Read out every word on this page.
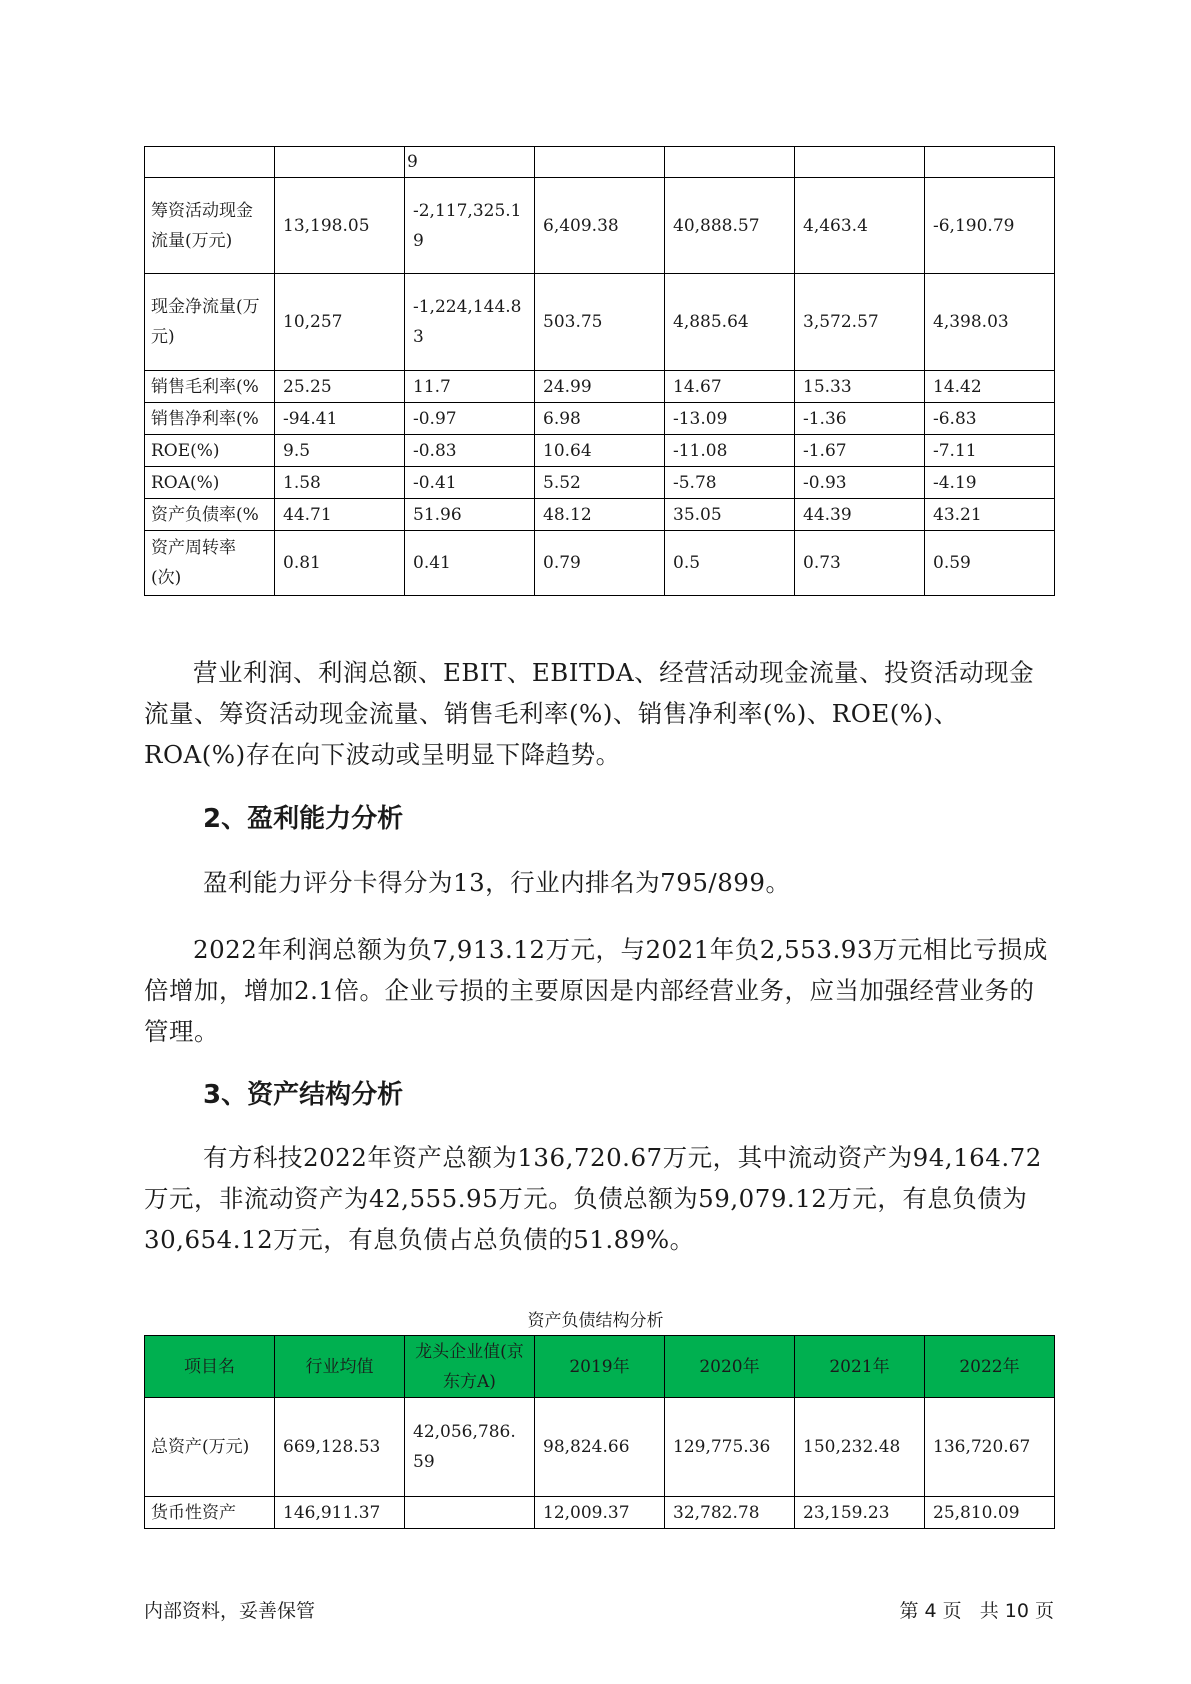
		9				
筹资活动现金流量(万元)	13,198.05	-2,117,325.19	6,409.38	40,888.57	4,463.4	-6,190.79
现金净流量(万元)	10,257	-1,224,144.83	503.75	4,885.64	3,572.57	4,398.03
销售毛利率(%	25.25	11.7	24.99	14.67	15.33	14.42
销售净利率(%	-94.41	-0.97	6.98	-13.09	-1.36	-6.83
ROE(%)	9.5	-0.83	10.64	-11.08	-1.67	-7.11
ROA(%)	1.58	-0.41	5.52	-5.78	-0.93	-4.19
资产负债率(%	44.71	51.96	48.12	35.05	44.39	43.21
资产周转率(次)	0.81	0.41	0.79	0.5	0.73	0.59

营业利润、利润总额、EBIT、EBITDA、经营活动现金流量、投资活动现金流量、筹资活动现金流量、销售毛利率(%)、销售净利率(%)、ROE(%)、ROA(%)存在向下波动或呈明显下降趋势。

2、盈利能力分析

盈利能力评分卡得分为13，行业内排名为795/899。

2022年利润总额为负7,913.12万元，与2021年负2,553.93万元相比亏损成倍增加，增加2.1倍。企业亏损的主要原因是内部经营业务，应当加强经营业务的管理。

3、资产结构分析

有方科技2022年资产总额为136,720.67万元，其中流动资产为94,164.72万元，非流动资产为42,555.95万元。负债总额为59,079.12万元，有息负债为30,654.12万元，有息负债占总负债的51.89%。

资产负债结构分析
项目名	行业均值	龙头企业值(京东方A)	2019年	2020年	2021年	2022年
总资产(万元)	669,128.53	42,056,786.59	98,824.66	129,775.36	150,232.48	136,720.67
货币性资产	146,911.37		12,009.37	32,782.78	23,159.23	25,810.09
内部资料，妥善保管	第 4 页   共 10 页
